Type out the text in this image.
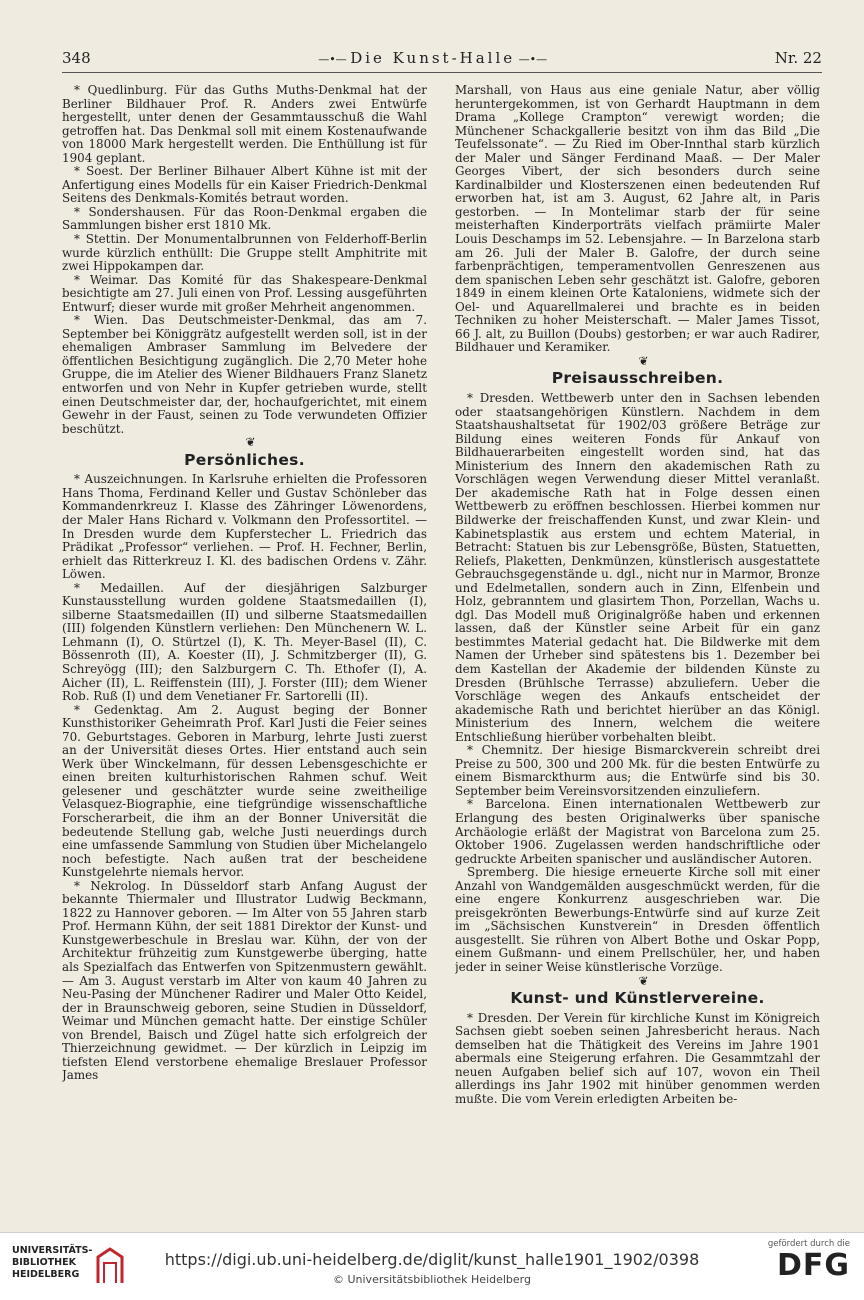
348
—•—	Die Kunst-Halle —•—	Nr. 22

* Quedlinburg. Für das Guths Muths-Denkmal hat der Berliner Bildhauer Prof. R. Anders zwei Entwürfe hergestellt, unter denen der Gesammtausschuß die Wahl getroffen hat. Das Denkmal soll mit einem Kostenaufwande von 18000 Mark hergestellt werden. Die Enthüllung ist für 1904 geplant.

* Soest. Der Berliner Bilhauer Albert Kühne ist mit der Anfertigung eines Modells für ein Kaiser Friedrich-Denkmal Seitens des Denkmals-Komités betraut worden.

* Sondershausen. Für das Roon-Denkmal ergaben die Sammlungen bisher erst 1810 Mk.

* Stettin. Der Monumentalbrunnen von Felderhoff-Berlin wurde kürzlich enthüllt: Die Gruppe stellt Amphitrite mit zwei Hippokampen dar.

* Weimar. Das Komité für das Shakespeare-Denkmal besichtigte am 27. Juli einen von Prof. Lessing ausgeführten Entwurf; dieser wurde mit großer Mehrheit angenommen.

* Wien. Das Deutschmeister-Denkmal, das am 7. September bei Königgrätz aufgestellt werden soll, ist in der ehemaligen Ambraser Sammlung im Belvedere der öffentlichen Besichtigung zugänglich. Die 2,70 Meter hohe Gruppe, die im Atelier des Wiener Bildhauers Franz Slanetz entworfen und von Nehr in Kupfer getrieben wurde, stellt einen Deutschmeister dar, der, hochaufgerichtet, mit einem Gewehr in der Faust, seinen zu Tode verwundeten Offizier beschützt.

❦

Persönliches.

* Auszeichnungen. In Karlsruhe erhielten die Professoren Hans Thoma, Ferdinand Keller und Gustav Schönleber das Kommandenrkreuz I. Klasse des Zähringer Löwenordens, der Maler Hans Richard v. Volkmann den Professortitel. — In Dresden wurde dem Kupferstecher L. Friedrich das Prädikat „Professor“ verliehen. — Prof. H. Fechner, Berlin, erhielt das Ritterkreuz I. Kl. des badischen Ordens v. Zähr. Löwen.

* Medaillen. Auf der diesjährigen Salzburger Kunstausstellung wurden goldene Staatsmedaillen (I), silberne Staatsmedaillen (II) und silberne Staatsmedaillen (III) folgenden Künstlern verliehen: Den Münchenern W. L. Lehmann (I), O. Stürtzel (I), K. Th. Meyer-Basel (II), C. Bössenroth (II), A. Koester (II), J. Schmitzberger (II), G. Schreyögg (III); den Salzburgern C. Th. Ethofer (I), A. Aicher (II), L. Reiffenstein (III), J. Forster (III); dem Wiener Rob. Ruß (I) und dem Venetianer Fr. Sartorelli (II).

* Gedenktag. Am 2. August beging der Bonner Kunsthistoriker Geheimrath Prof. Karl Justi die Feier seines 70. Geburtstages. Geboren in Marburg, lehrte Justi zuerst an der Universität dieses Ortes. Hier entstand auch sein Werk über Winckelmann, für dessen Lebensgeschichte er einen breiten kulturhistorischen Rahmen schuf. Weit gelesener und geschätzter wurde seine zweitheilige Velasquez-Biographie, eine tiefgründige wissenschaftliche Forscherarbeit, die ihm an der Bonner Universität die bedeutende Stellung gab, welche Justi neuerdings durch eine umfassende Sammlung von Studien über Michelangelo noch befestigte. Nach außen trat der bescheidene Kunstgelehrte niemals hervor.

* Nekrolog. In Düsseldorf starb Anfang August der bekannte Thiermaler und Illustrator Ludwig Beckmann, 1822 zu Hannover geboren. — Im Alter von 55 Jahren starb Prof. Hermann Kühn, der seit 1881 Direktor der Kunst- und Kunstgewerbeschule in Breslau war. Kühn, der von der Architektur frühzeitig zum Kunstgewerbe überging, hatte als Spezialfach das Entwerfen von Spitzenmustern gewählt. — Am 3. August verstarb im Alter von kaum 40 Jahren zu Neu-Pasing der Münchener Radirer und Maler Otto Keidel, der in Braunschweig geboren, seine Studien in Düsseldorf, Weimar und München gemacht hatte. Der einstige Schüler von Brendel, Baisch und Zügel hatte sich erfolgreich der Thierzeichnung gewidmet. — Der kürzlich in Leipzig im tiefsten Elend verstorbene ehemalige Breslauer Professor James

Marshall, von Haus aus eine geniale Natur, aber völlig heruntergekommen, ist von Gerhardt Hauptmann in dem Drama „Kollege Crampton“ verewigt worden; die Münchener Schackgallerie besitzt von ihm das Bild „Die Teufelssonate“. — Zu Ried im Ober-Innthal starb kürzlich der Maler und Sänger Ferdinand Maaß. — Der Maler Georges Vibert, der sich besonders durch seine Kardinalbilder und Klosterszenen einen bedeutenden Ruf erworben hat, ist am 3. August, 62 Jahre alt, in Paris gestorben. — In Montelimar starb der für seine meisterhaften Kinderporträts vielfach prämiirte Maler Louis Deschamps im 52. Lebensjahre. — In Barzelona starb am 26. Juli der Maler B. Galofre, der durch seine farbenprächtigen, temperamentvollen Genreszenen aus dem spanischen Leben sehr geschätzt ist. Galofre, geboren 1849 in einem kleinen Orte Kataloniens, widmete sich der Oel- und Aquarellmalerei und brachte es in beiden Techniken zu hoher Meisterschaft. — Maler James Tissot, 66 J. alt, zu Buillon (Doubs) gestorben; er war auch Radirer, Bildhauer und Keramiker.

❦

Preisausschreiben.

* Dresden. Wettbewerb unter den in Sachsen lebenden oder staatsangehörigen Künstlern. Nachdem in dem Staatshaushaltsetat für 1902/03 größere Beträge zur Bildung eines weiteren Fonds für Ankauf von Bildhauerarbeiten eingestellt worden sind, hat das Ministerium des Innern den akademischen Rath zu Vorschlägen wegen Verwendung dieser Mittel veranlaßt. Der akademische Rath hat in Folge dessen einen Wettbewerb zu eröffnen beschlossen. Hierbei kommen nur Bildwerke der freischaffenden Kunst, und zwar Klein- und Kabinetsplastik aus erstem und echtem Material, in Betracht: Statuen bis zur Lebensgröße, Büsten, Statuetten, Reliefs, Plaketten, Denkmünzen, künstlerisch ausgestattete Gebrauchsgegenstände u. dgl., nicht nur in Marmor, Bronze und Edelmetallen, sondern auch in Zinn, Elfenbein und Holz, gebranntem und glasirtem Thon, Porzellan, Wachs u. dgl. Das Modell muß Originalgröße haben und erkennen lassen, daß der Künstler seine Arbeit für ein ganz bestimmtes Material gedacht hat. Die Bildwerke mit dem Namen der Urheber sind spätestens bis 1. Dezember bei dem Kastellan der Akademie der bildenden Künste zu Dresden (Brühlsche Terrasse) abzuliefern. Ueber die Vorschläge wegen des Ankaufs entscheidet der akademische Rath und berichtet hierüber an das Königl. Ministerium des Innern, welchem die weitere Entschließung hierüber vorbehalten bleibt.

* Chemnitz. Der hiesige Bismarckverein schreibt drei Preise zu 500, 300 und 200 Mk. für die besten Entwürfe zu einem Bismarckthurm aus; die Entwürfe sind bis 30. September beim Vereinsvorsitzenden einzuliefern.

* Barcelona. Einen internationalen Wettbewerb zur Erlangung des besten Originalwerks über spanische Archäologie erläßt der Magistrat von Barcelona zum 25. Oktober 1906. Zugelassen werden handschriftliche oder gedruckte Arbeiten spanischer und ausländischer Autoren.

Spremberg. Die hiesige erneuerte Kirche soll mit einer Anzahl von Wandgemälden ausgeschmückt werden, für die eine engere Konkurrenz ausgeschrieben war. Die preisgekrönten Bewerbungs-Entwürfe sind auf kurze Zeit im „Sächsischen Kunstverein“ in Dresden öffentlich ausgestellt. Sie rühren von Albert Bothe und Oskar Popp, einem Gußmann- und einem Prellschüler, her, und haben jeder in seiner Weise künstlerische Vorzüge.

❦

Kunst- und Künstlervereine.

* Dresden. Der Verein für kirchliche Kunst im Königreich Sachsen giebt soeben seinen Jahresbericht heraus. Nach demselben hat die Thätigkeit des Vereins im Jahre 1901 abermals eine Steigerung erfahren. Die Gesammtzahl der neuen Aufgaben belief sich auf 107, wovon ein Theil allerdings ins Jahr 1902 mit hinüber genommen werden mußte. Die vom Verein erledigten Arbeiten be-

UNIVERSITÄTS-
BIBLIOTHEK
HEIDELBERG
https://digi.ub.uni-heidelberg.de/diglit/kunst_halle1901_1902/0398
© Universitätsbibliothek Heidelberg
gefördert durch die
DFG
